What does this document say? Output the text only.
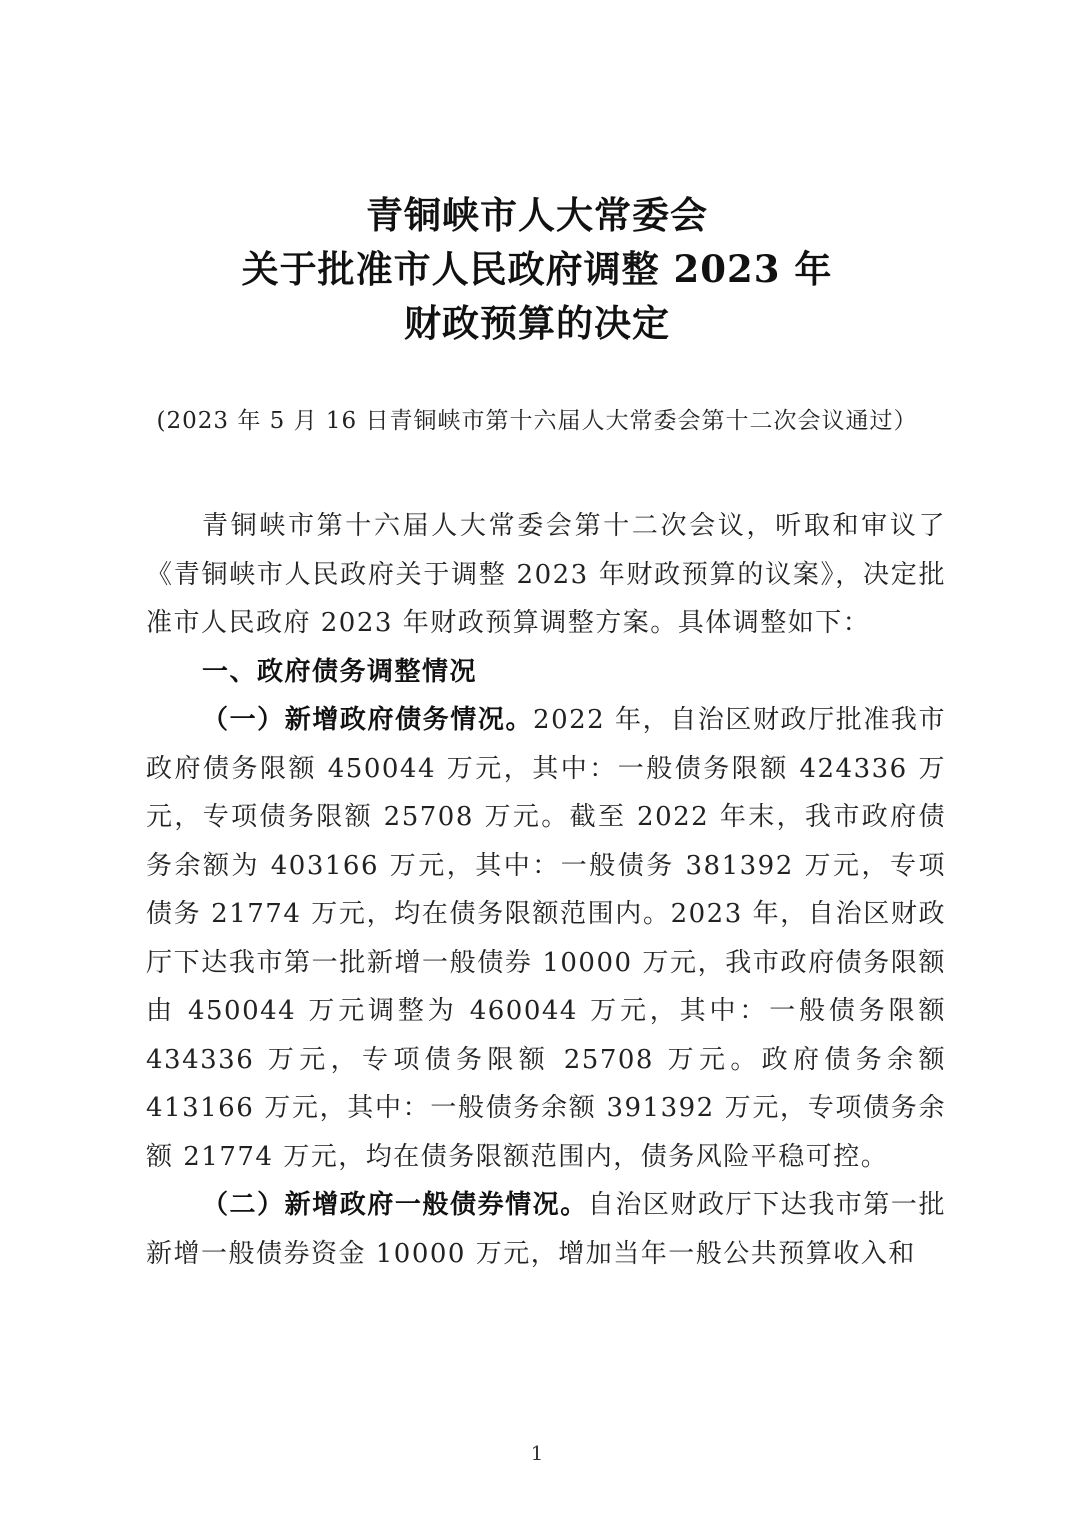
青铜峡市人大常委会
关于批准市人民政府调整 2023 年
财政预算的决定
(2023 年 5 月 16 日青铜峡市第十六届人大常委会第十二次会议通过）

青铜峡市第十六届人大常委会第十二次会议，听取和审议了《青铜峡市人民政府关于调整 2023 年财政预算的议案》，决定批准市人民政府 2023 年财政预算调整方案。具体调整如下：

一、政府债务调整情况

（一）新增政府债务情况。2022 年，自治区财政厅批准我市政府债务限额 450044 万元，其中：一般债务限额 424336 万元，专项债务限额 25708 万元。截至 2022 年末，我市政府债务余额为 403166 万元，其中：一般债务 381392 万元，专项债务 21774 万元，均在债务限额范围内。2023 年，自治区财政厅下达我市第一批新增一般债券 10000 万元，我市政府债务限额由 450044 万元调整为 460044 万元，其中：一般债务限额 434336 万元，专项债务限额 25708 万元。政府债务余额 413166 万元，其中：一般债务余额 391392 万元，专项债务余额 21774 万元，均在债务限额范围内，债务风险平稳可控。

（二）新增政府一般债券情况。自治区财政厅下达我市第一批新增一般债券资金 10000 万元，增加当年一般公共预算收入和

1
